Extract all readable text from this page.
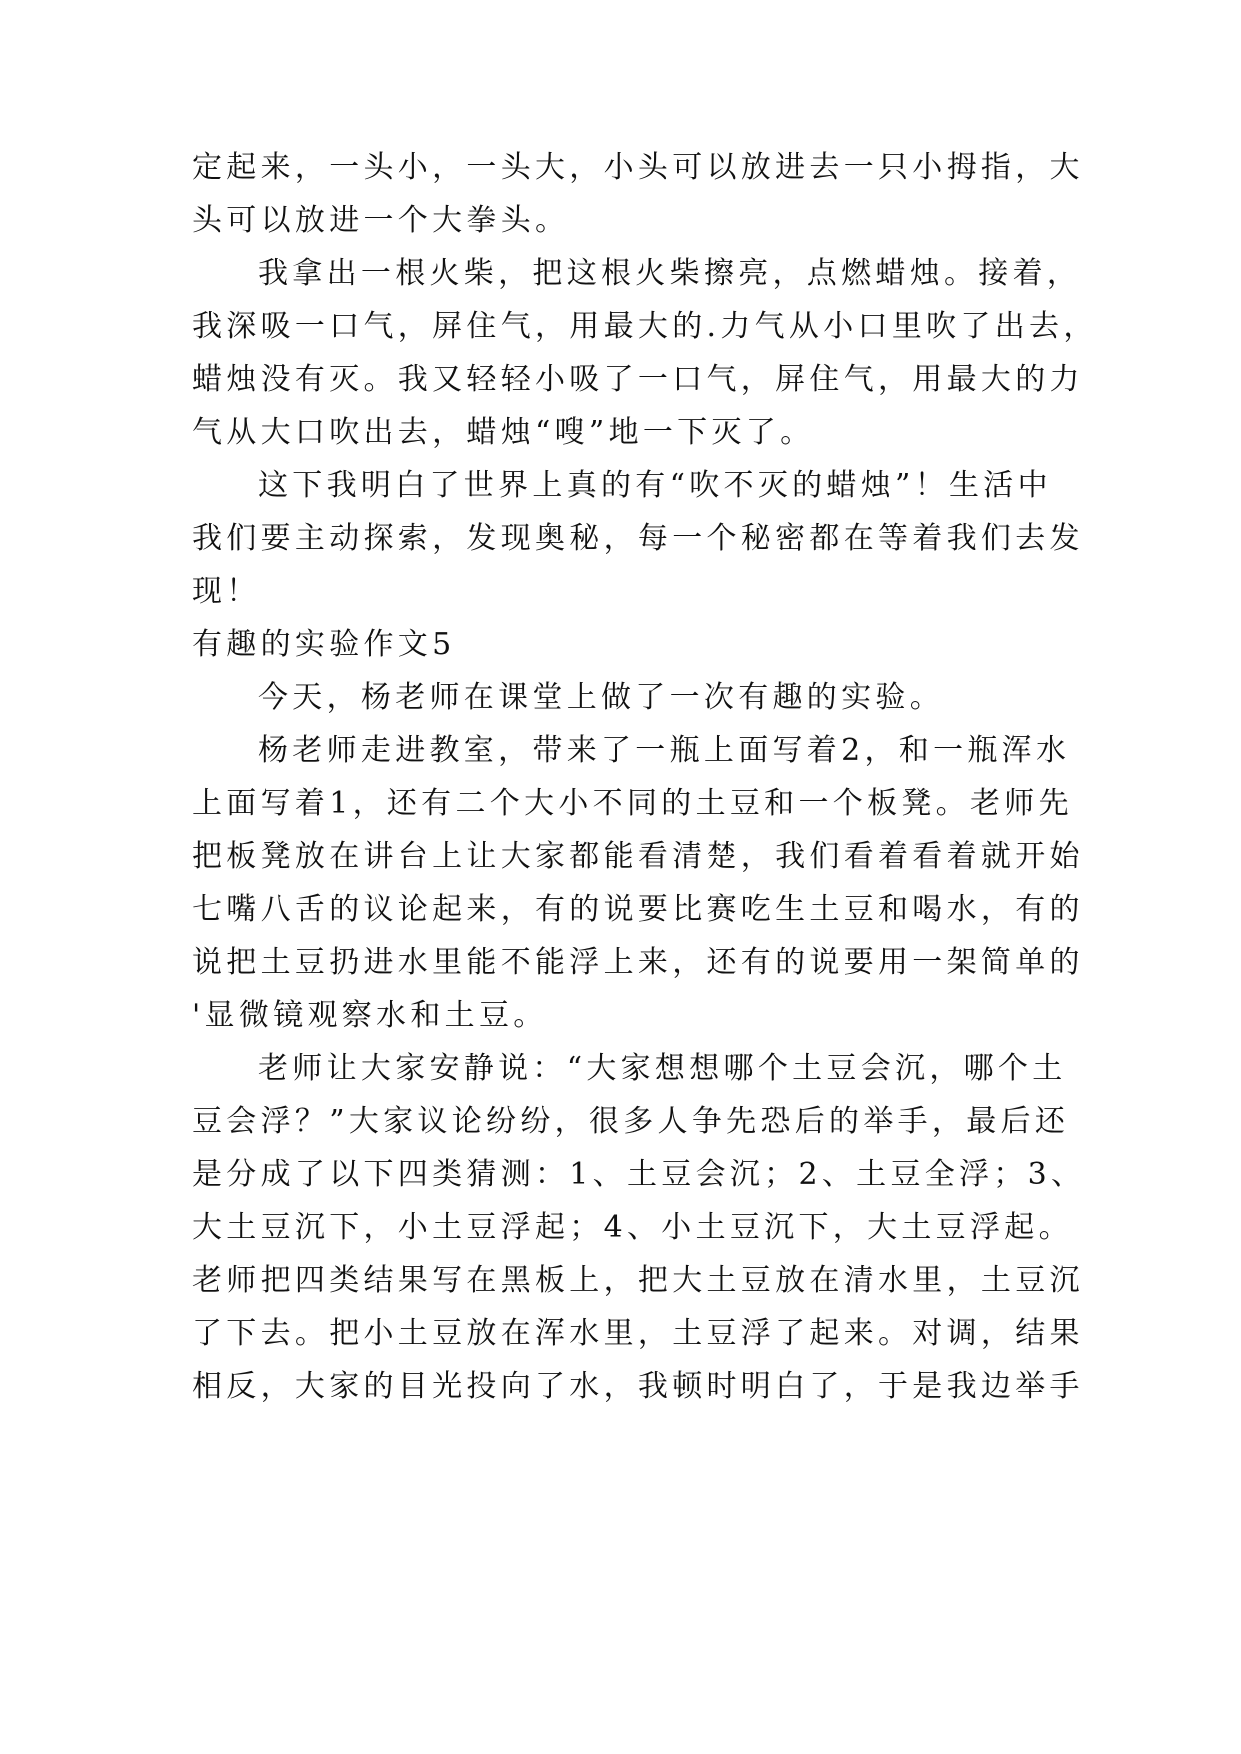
定起来，一头小，一头大，小头可以放进去一只小拇指，大
头可以放进一个大拳头。
我拿出一根火柴，把这根火柴擦亮，点燃蜡烛。接着，
我深吸一口气，屏住气，用最大的.力气从小口里吹了出去，
蜡烛没有灭。我又轻轻小吸了一口气，屏住气，用最大的力
气从大口吹出去，蜡烛“嗖”地一下灭了。
这下我明白了世界上真的有“吹不灭的蜡烛”！生活中
我们要主动探索，发现奥秘，每一个秘密都在等着我们去发
现！
有趣的实验作文5
今天，杨老师在课堂上做了一次有趣的实验。
杨老师走进教室，带来了一瓶上面写着2，和一瓶浑水
上面写着1，还有二个大小不同的土豆和一个板凳。老师先
把板凳放在讲台上让大家都能看清楚，我们看着看着就开始
七嘴八舌的议论起来，有的说要比赛吃生土豆和喝水，有的
说把土豆扔进水里能不能浮上来，还有的说要用一架简单的
'显微镜观察水和土豆。
老师让大家安静说：“大家想想哪个土豆会沉，哪个土
豆会浮？”大家议论纷纷，很多人争先恐后的举手，最后还
是分成了以下四类猜测：1、土豆会沉；2、土豆全浮；3、
大土豆沉下，小土豆浮起；4、小土豆沉下，大土豆浮起。
老师把四类结果写在黑板上，把大土豆放在清水里，土豆沉
了下去。把小土豆放在浑水里，土豆浮了起来。对调，结果
相反，大家的目光投向了水，我顿时明白了，于是我边举手
